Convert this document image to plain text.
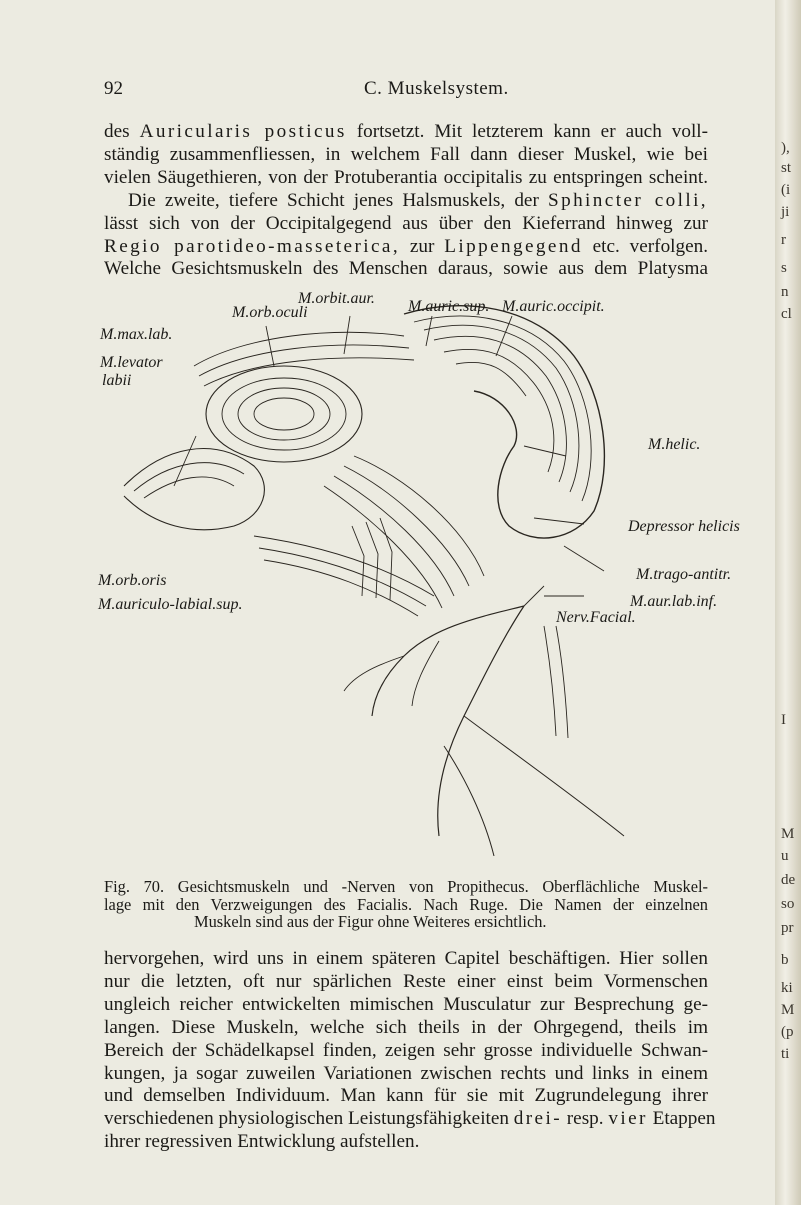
92	C. Muskelsystem.

des Auricularis posticus fortsetzt. Mit letzterem kann er auch voll-
ständig zusammenfliessen, in welchem Fall dann dieser Muskel, wie bei
vielen Säugethieren, von der Protuberantia occipitalis zu entspringen scheint.
Die zweite, tiefere Schicht jenes Halsmuskels, der Sphincter colli,
lässt sich von der Occipitalgegend aus über den Kieferrand hinweg zur
Regio parotideo-masseterica, zur Lippengegend etc. verfolgen.
Welche Gesichtsmuskeln des Menschen daraus, sowie aus dem Platysma

M.orbit.aur.
M.orb.oculi	M.auric.sup. M.auric.occipit.
M.max.lab.
M.levator
labii
M.helic.
Depressor helicis
M.trago-antitr.
M.orb.oris
M.auriculo-labial.sup.	M.aur.lab.inf.
Nerv.Facial.

Fig. 70. Gesichtsmuskeln und -Nerven von Propithecus. Oberflächliche Muskel-
lage mit den Verzweigungen des Facialis. Nach Ruge. Die Namen der einzelnen
Muskeln sind aus der Figur ohne Weiteres ersichtlich.

hervorgehen, wird uns in einem späteren Capitel beschäftigen. Hier sollen
nur die letzten, oft nur spärlichen Reste einer einst beim Vormenschen
ungleich reicher entwickelten mimischen Musculatur zur Besprechung ge-
langen. Diese Muskeln, welche sich theils in der Ohrgegend, theils im
Bereich der Schädelkapsel finden, zeigen sehr grosse individuelle Schwan-
kungen, ja sogar zuweilen Variationen zwischen rechts und links in einem
und demselben Individuum. Man kann für sie mit Zugrundelegung ihrer
verschiedenen physiologischen Leistungsfähigkeiten drei- resp. vier Etappen
ihrer regressiven Entwicklung aufstellen.

),
st
(i
ji
r
s
n
cl
I
M
u
de
so
pr
b
ki
M
(p
ti
